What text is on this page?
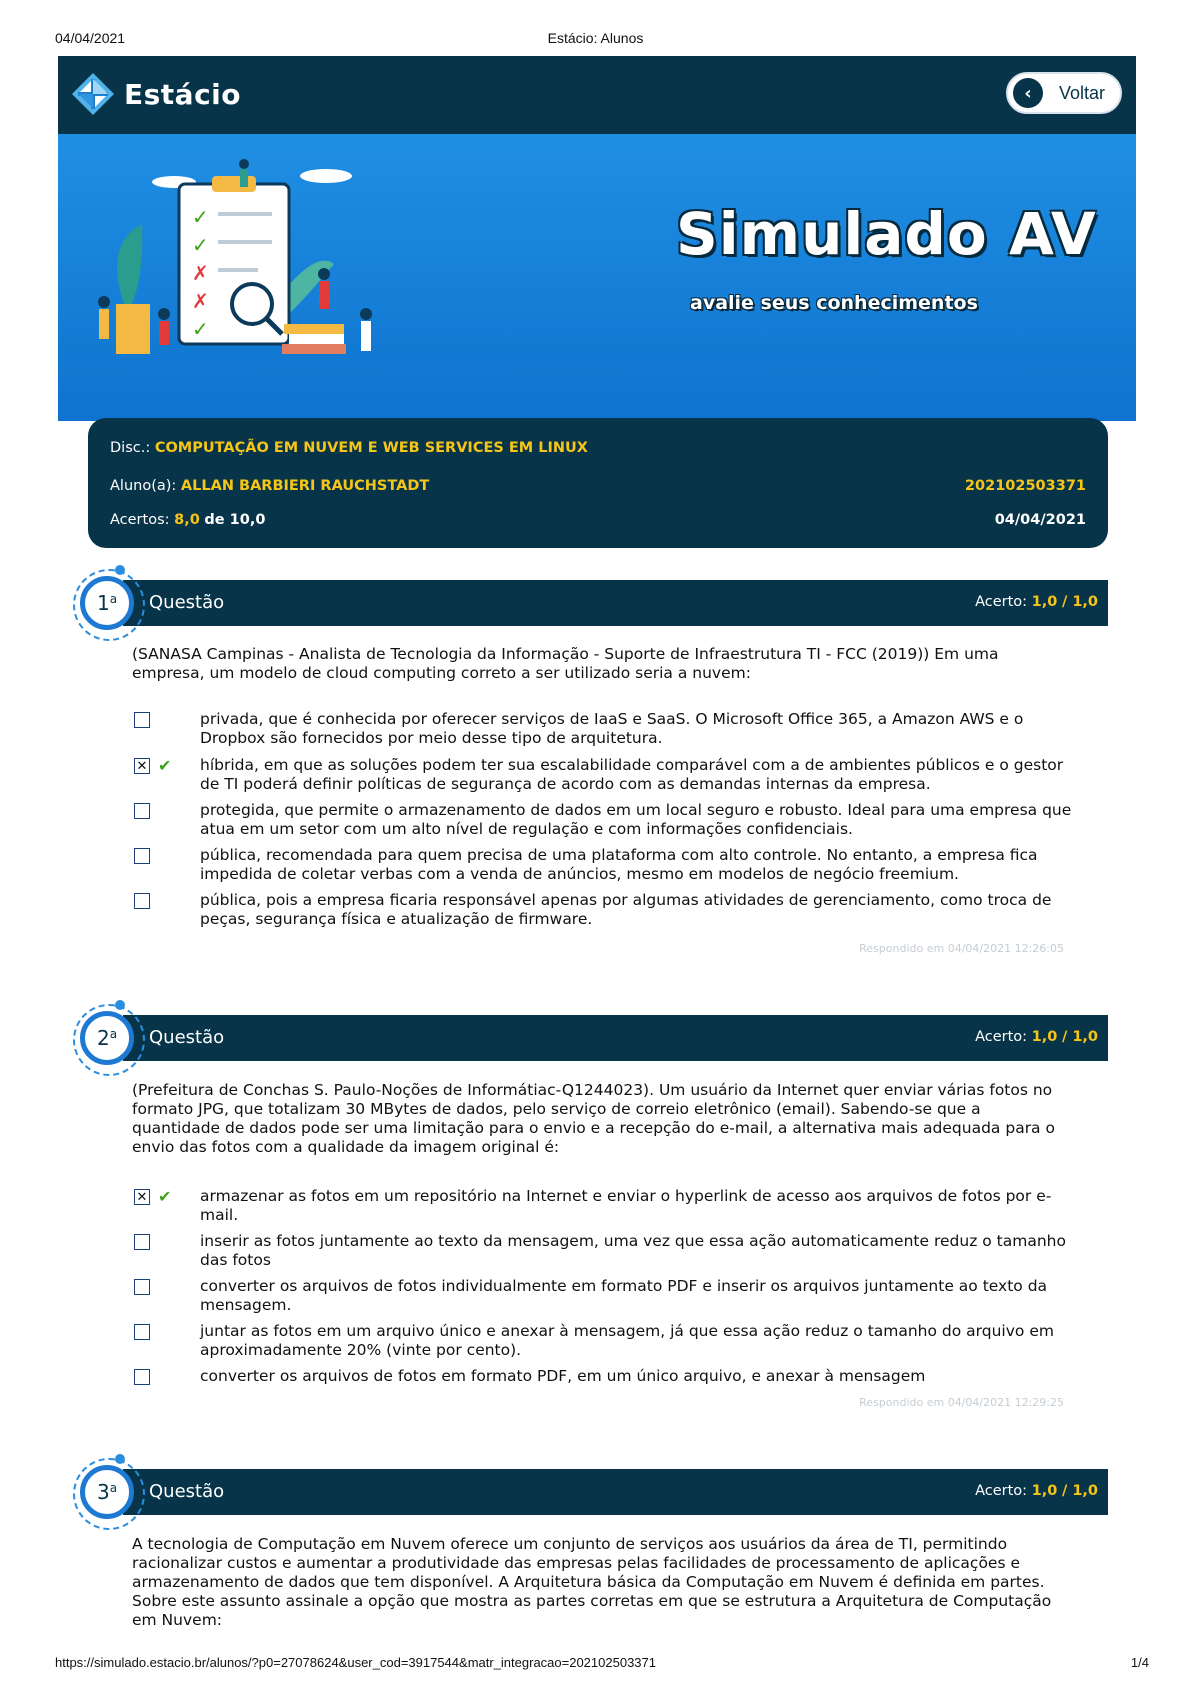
04/04/2021	Estácio: Alunos
Estácio	‹	Voltar
✓
✓
✗
✗
✓
Simulado AV
avalie seus conhecimentos
Disc.: COMPUTAÇÃO EM NUVEM E WEB SERVICES EM LINUX
Aluno(a): ALLAN BARBIERI RAUCHSTADT	202102503371
Acertos: 8,0 de 10,0	04/04/2021
Questão	Acerto: 1,0 / 1,0
1$^a$
(SANASA Campinas - Analista de Tecnologia da Informação - Suporte de Infraestrutura TI - FCC (2019)) Em uma empresa, um modelo de cloud computing correto a ser utilizado seria a nuvem:
privada, que é conhecida por oferecer serviços de IaaS e SaaS. O Microsoft Office 365, a Amazon AWS e o Dropbox são fornecidos por meio desse tipo de arquitetura.
✕ ✔ híbrida, em que as soluções podem ter sua escalabilidade comparável com a de ambientes públicos e o gestor de TI poderá definir políticas de segurança de acordo com as demandas internas da empresa.
protegida, que permite o armazenamento de dados em um local seguro e robusto. Ideal para uma empresa que atua em um setor com um alto nível de regulação e com informações confidenciais.
pública, recomendada para quem precisa de uma plataforma com alto controle. No entanto, a empresa fica impedida de coletar verbas com a venda de anúncios, mesmo em modelos de negócio freemium.
pública, pois a empresa ficaria responsável apenas por algumas atividades de gerenciamento, como troca de peças, segurança física e atualização de firmware.
Respondido em 04/04/2021 12:26:05
Questão	Acerto: 1,0 / 1,0
2$^a$
(Prefeitura de Conchas S. Paulo-Noções de Informátiac-Q1244023). Um usuário da Internet quer enviar várias fotos no formato JPG, que totalizam 30 MBytes de dados, pelo serviço de correio eletrônico (email). Sabendo-se que a quantidade de dados pode ser uma limitação para o envio e a recepção do e-mail, a alternativa mais adequada para o envio das fotos com a qualidade da imagem original é:
✕ ✔ armazenar as fotos em um repositório na Internet e enviar o hyperlink de acesso aos arquivos de fotos por e-mail.
inserir as fotos juntamente ao texto da mensagem, uma vez que essa ação automaticamente reduz o tamanho das fotos
converter os arquivos de fotos individualmente em formato PDF e inserir os arquivos juntamente ao texto da mensagem.
juntar as fotos em um arquivo único e anexar à mensagem, já que essa ação reduz o tamanho do arquivo em aproximadamente 20% (vinte por cento).
converter os arquivos de fotos em formato PDF, em um único arquivo, e anexar à mensagem
Respondido em 04/04/2021 12:29:25
Questão	Acerto: 1,0 / 1,0
3$^a$
A tecnologia de Computação em Nuvem oferece um conjunto de serviços aos usuários da área de TI, permitindo racionalizar custos e aumentar a produtividade das empresas pelas facilidades de processamento de aplicações e armazenamento de dados que tem disponível. A Arquitetura básica da Computação em Nuvem é definida em partes. Sobre este assunto assinale a opção que mostra as partes corretas em que se estrutura a Arquitetura de Computação em Nuvem:
https://simulado.estacio.br/alunos/?p0=27078624&user_cod=3917544&matr_integracao=202102503371	1/4
